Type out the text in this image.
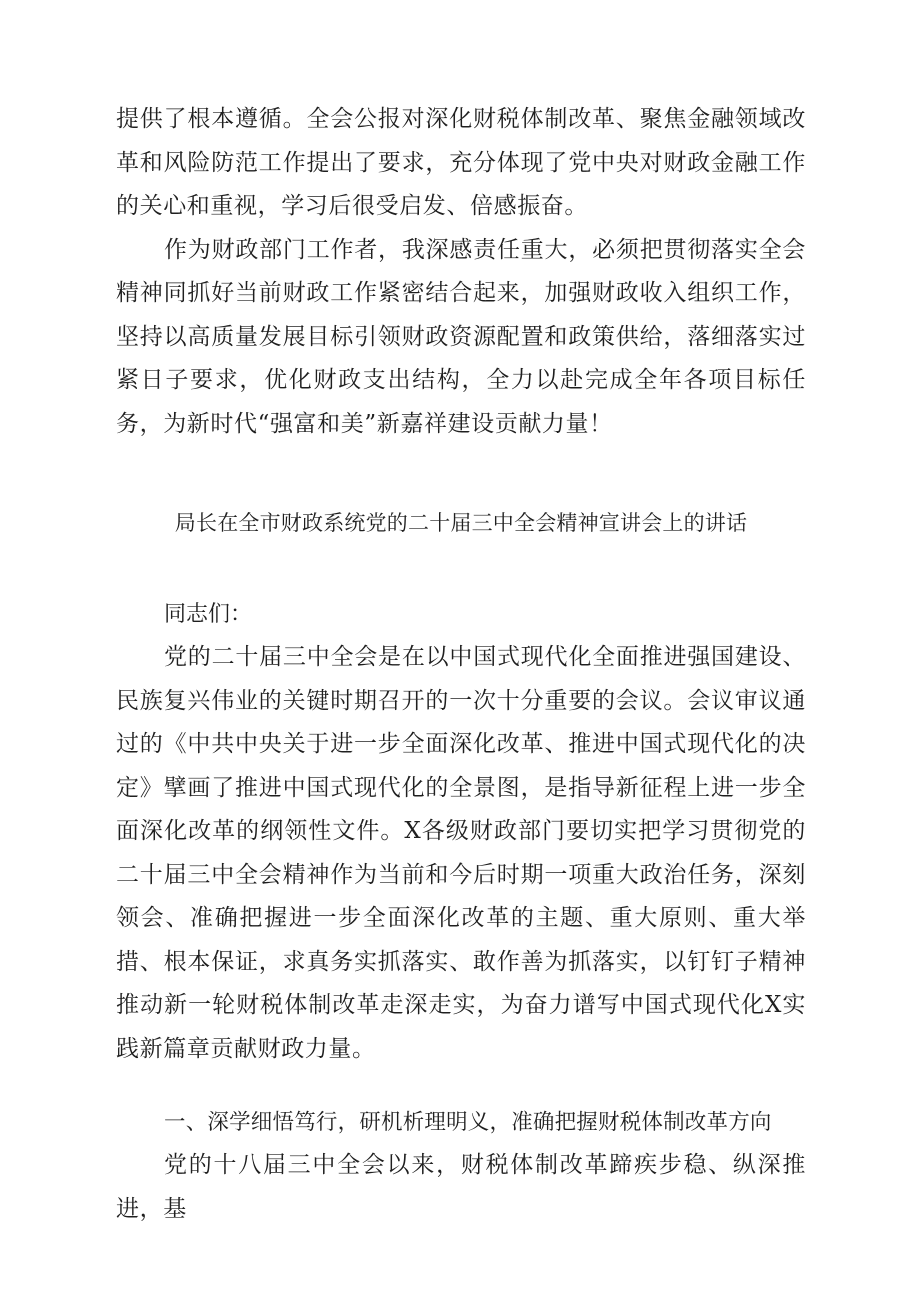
提供了根本遵循。全会公报对深化财税体制改革、聚焦金融领域改革和风险防范工作提出了要求，充分体现了党中央对财政金融工作的关心和重视，学习后很受启发、倍感振奋。

作为财政部门工作者，我深感责任重大，必须把贯彻落实全会精神同抓好当前财政工作紧密结合起来，加强财政收入组织工作，坚持以高质量发展目标引领财政资源配置和政策供给，落细落实过紧日子要求，优化财政支出结构，全力以赴完成全年各项目标任务，为新时代“强富和美”新嘉祥建设贡献力量！

局长在全市财政系统党的二十届三中全会精神宣讲会上的讲话

同志们：

党的二十届三中全会是在以中国式现代化全面推进强国建设、民族复兴伟业的关键时期召开的一次十分重要的会议。会议审议通过的《中共中央关于进一步全面深化改革、推进中国式现代化的决定》擘画了推进中国式现代化的全景图，是指导新征程上进一步全面深化改革的纲领性文件。X各级财政部门要切实把学习贯彻党的二十届三中全会精神作为当前和今后时期一项重大政治任务，深刻领会、准确把握进一步全面深化改革的主题、重大原则、重大举措、根本保证，求真务实抓落实、敢作善为抓落实，以钉钉子精神推动新一轮财税体制改革走深走实，为奋力谱写中国式现代化X实践新篇章贡献财政力量。

一、深学细悟笃行，研机析理明义，准确把握财税体制改革方向

党的十八届三中全会以来，财税体制改革蹄疾步稳、纵深推进，基
